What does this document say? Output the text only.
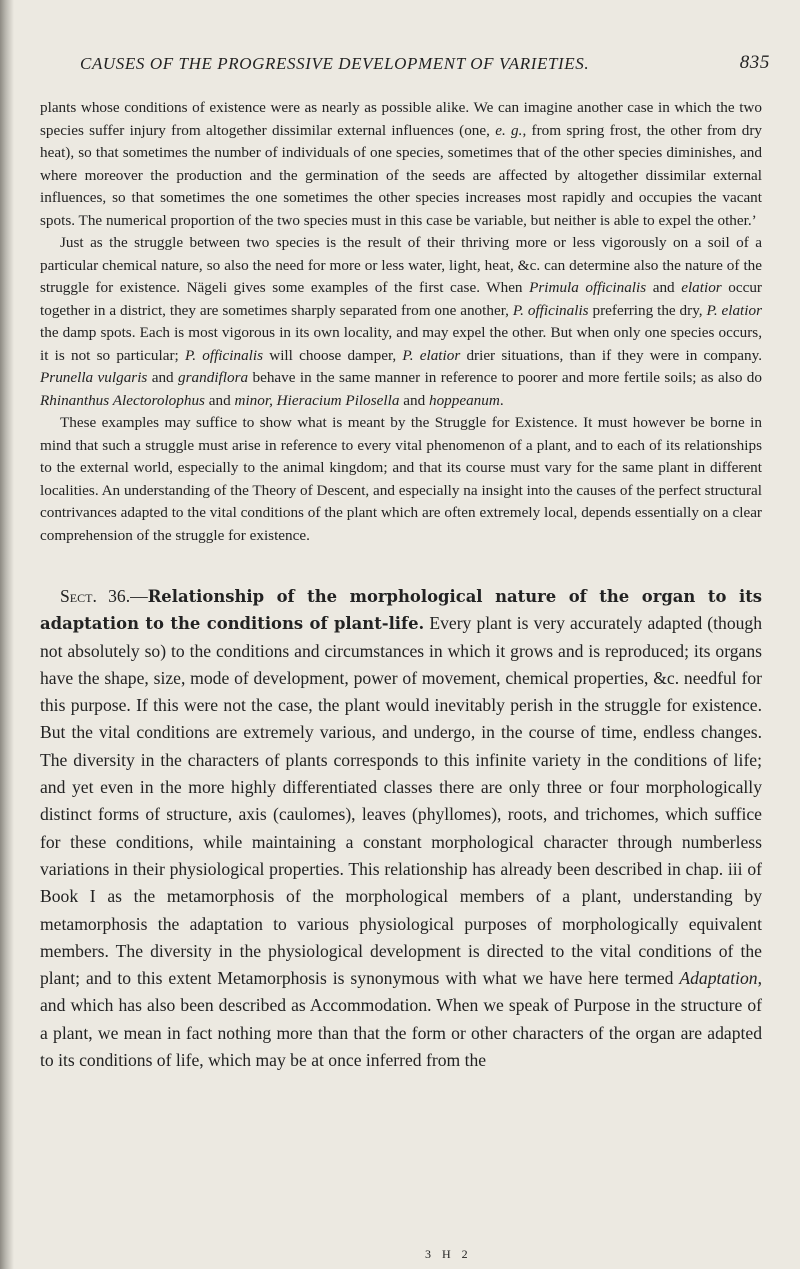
CAUSES OF THE PROGRESSIVE DEVELOPMENT OF VARIETIES.	835

plants whose conditions of existence were as nearly as possible alike. We can imagine another case in which the two species suffer injury from altogether dissimilar external influences (one, e. g., from spring frost, the other from dry heat), so that sometimes the number of individuals of one species, sometimes that of the other species diminishes, and where moreover the production and the germination of the seeds are affected by altogether dissimilar external influences, so that sometimes the one sometimes the other species increases most rapidly and occupies the vacant spots. The numerical proportion of the two species must in this case be variable, but neither is able to expel the other.’

Just as the struggle between two species is the result of their thriving more or less vigorously on a soil of a particular chemical nature, so also the need for more or less water, light, heat, &c. can determine also the nature of the struggle for existence. Nägeli gives some examples of the first case. When Primula officinalis and elatior occur together in a district, they are sometimes sharply separated from one another, P. officinalis preferring the dry, P. elatior the damp spots. Each is most vigorous in its own locality, and may expel the other. But when only one species occurs, it is not so particular; P. officinalis will choose damper, P. elatior drier situations, than if they were in company. Prunella vulgaris and grandiflora behave in the same manner in reference to poorer and more fertile soils; as also do Rhinanthus Alectorolophus and minor, Hieracium Pilosella and hoppeanum.

These examples may suffice to show what is meant by the Struggle for Existence. It must however be borne in mind that such a struggle must arise in reference to every vital phenomenon of a plant, and to each of its relationships to the external world, especially to the animal kingdom; and that its course must vary for the same plant in different localities. An understanding of the Theory of Descent, and especially na insight into the causes of the perfect structural contrivances adapted to the vital conditions of the plant which are often extremely local, depends essentially on a clear comprehension of the struggle for existence.

Sect. 36.—Relationship of the morphological nature of the organ to its adaptation to the conditions of plant-life. Every plant is very accurately adapted (though not absolutely so) to the conditions and circumstances in which it grows and is reproduced; its organs have the shape, size, mode of development, power of movement, chemical properties, &c. needful for this purpose. If this were not the case, the plant would inevitably perish in the struggle for existence. But the vital conditions are extremely various, and undergo, in the course of time, endless changes. The diversity in the characters of plants corresponds to this infinite variety in the conditions of life; and yet even in the more highly differentiated classes there are only three or four morphologically distinct forms of structure, axis (caulomes), leaves (phyllomes), roots, and trichomes, which suffice for these conditions, while maintaining a constant morphological character through numberless variations in their physiological properties. This relationship has already been described in chap. iii of Book I as the metamorphosis of the morphological members of a plant, understanding by metamorphosis the adaptation to various physiological purposes of morphologically equivalent members. The diversity in the physiological development is directed to the vital conditions of the plant; and to this extent Metamorphosis is synonymous with what we have here termed Adaptation, and which has also been described as Accommodation. When we speak of Purpose in the structure of a plant, we mean in fact nothing more than that the form or other characters of the organ are adapted to its conditions of life, which may be at once inferred from the

3 H 2
